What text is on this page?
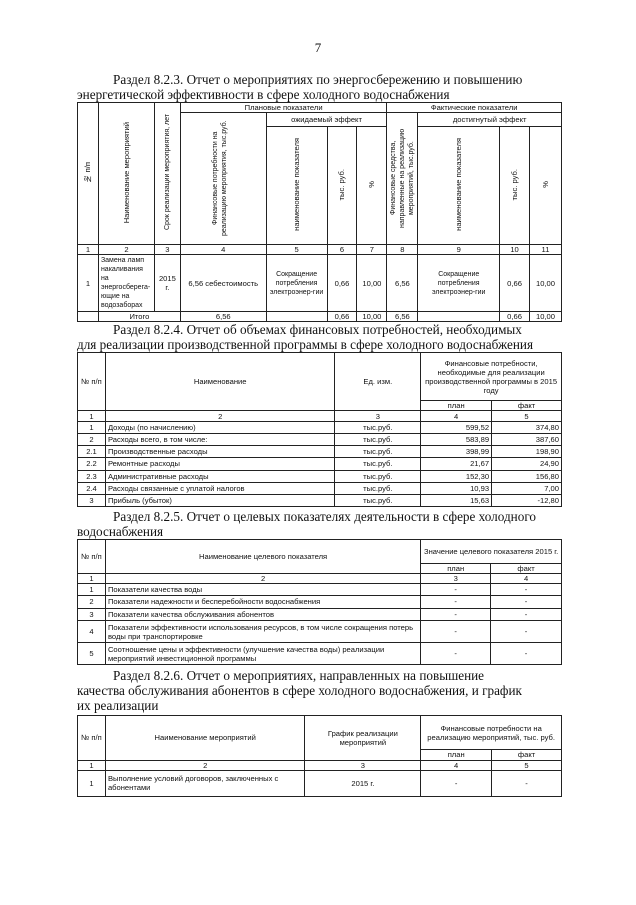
7
Раздел 8.2.3. Отчет о мероприятиях по энергосбережению и повышению
энергетической эффективности в сфере холодного водоснабжения
№ п/п	Наименование мероприятий	Срок реализации мероприятия, лет	Плановые показатели				Фактические показатели			
			Финансовые потребности на реализацию мероприятия, тыс.руб.	ожидаемый эффект			Финансовые средства, направленные на реализацию мероприятий, тыс.руб.	достигнутый эффект		
				наименование показателя	тыс. руб.	%		наименование показателя	тыс. руб.	%
1	2	3	4	5	6	7	8	9	10	11
1	Замена ламп накаливания на энергосберега-ющие на водозаборах	2015 г.	6,56 себестоимость	Сокращение потребления электроэнер-гии	0,66	10,00	6,56	Сокращение потребления электроэнер-гии	0,66	10,00
	Итого		6,56		0,66	10,00	6,56		0,66	10,00
Раздел 8.2.4. Отчет об объемах финансовых потребностей, необходимых
для реализации производственной программы в сфере холодного водоснабжения
№ п/п	Наименование	Ед. изм.	Финансовые потребности, необходимые для реализации производственной программы в 2015 году	
			план	факт
1	2	3	4	5
1	Доходы (по начислению)	тыс.руб.	599,52	374,80
2	Расходы всего, в том числе:	тыс.руб.	583,89	387,60
2.1	Производственные расходы	тыс.руб.	398,99	198,90
2.2	Ремонтные расходы	тыс.руб.	21,67	24,90
2.3	Административные расходы	тыс.руб.	152,30	156,80
2.4	Расходы связанные с уплатой налогов	тыс.руб.	10,93	7,00
3	Прибыль (убыток)	тыс.руб.	15,63	-12,80
Раздел 8.2.5. Отчет о целевых показателях деятельности в сфере холодного
водоснабжения
№ п/п	Наименование целевого показателя	Значение целевого показателя 2015 г.	
		план	факт
1	2	3	4
1	Показатели качества воды	-	-
2	Показатели надежности и бесперебойности водоснабжения	-	-
3	Показатели качества обслуживания абонентов	-	-
4	Показатели эффективности использования ресурсов, в том числе сокращения потерь воды при транспортировке	-	-
5	Соотношение цены и эффективности (улучшение качества воды) реализации мероприятий инвестиционной программы	-	-
Раздел 8.2.6. Отчет о мероприятиях, направленных на повышение
качества обслуживания абонентов в сфере холодного водоснабжения, и график
их реализации
№ п/п	Наименование мероприятий	График реализации мероприятий	Финансовые потребности на реализацию мероприятий, тыс. руб.	
			план	факт
1	2	3	4	5
1	Выполнение условий договоров, заключенных с абонентами	2015 г.	-	-
